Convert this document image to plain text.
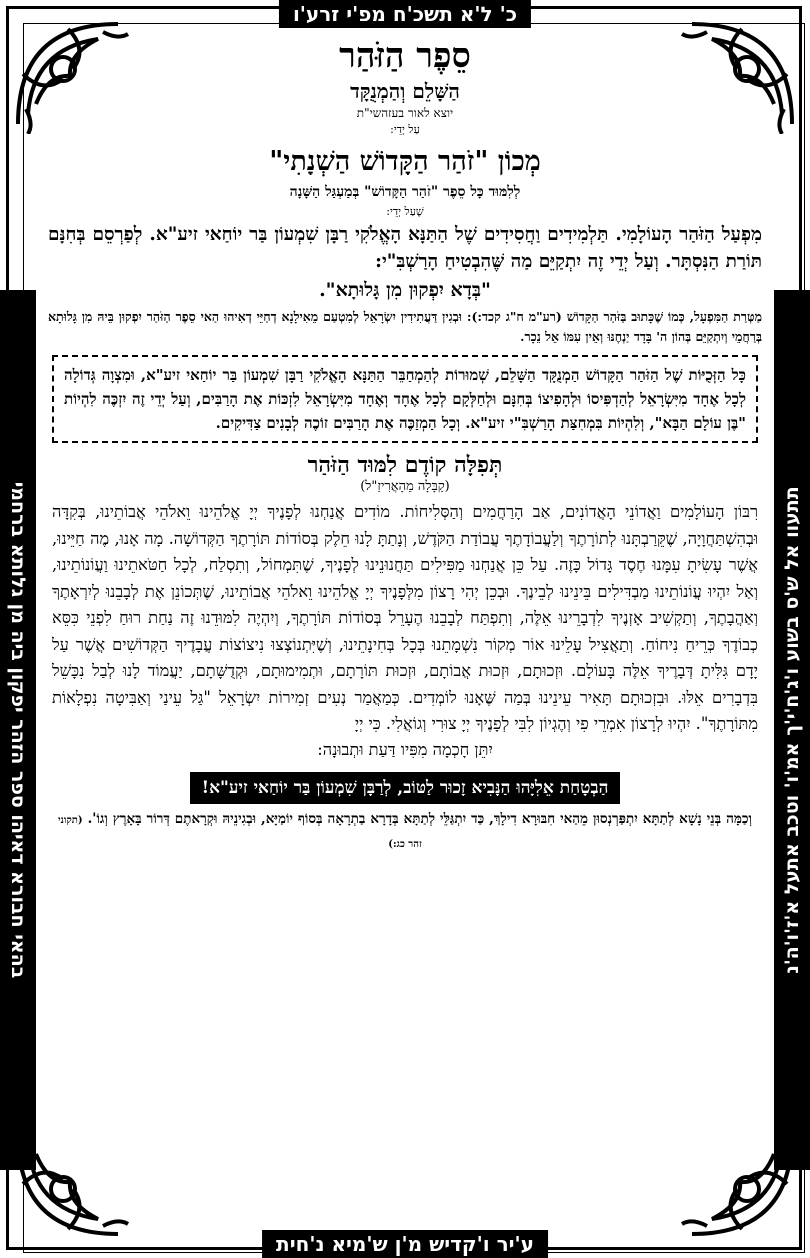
כ' ל'א תשכ'ח מפ'י זרע'ו
ע'יר ו'קדיש מ'ן ש'מיא נ'חית
בהאי חבורא דאיהו ספר הזהר יפקון ביה מן גלותא ברחמי	תתעוו אל ש'ס בשוע ו'ג'ח'י'ך אמ'ו' וטכב אתעל א'ז'ו'ה'נ
סֵפֶר הַזֹּהַר
הַשָּׁלֵם וְהַמְנֻקָּד
יוצא לאור בעזהשי"ת
עַל יְדֵי:
מְכוֹן "זֹהַר הַקָּדוֹשׁ הַשְׁנָתִי"
לְלִמּוּד כָּל סֵפֶר "זֹהַר הַקָּדוֹשׁ" בְּמַעְגַּל הַשָּׁנָה
שֶׁעַל יְדֵי:

מִפְעַל הַזֹּהַר הָעוֹלָמִי. תַּלְמִידִים וַחֲסִידִים שֶׁל הַתַּנָּא הָאֱלֹקִי רַבָּן שִׁמְעוֹן בַּר יוֹחַאי זיע"א. לְפַרְסֵם בְּחִנָּם תּוֹרַת הַנִּסְתָּר. וְעַל יְדֵי זֶה יִתְקַיֵּם מַה שֶּׁהִבְטִיחַ הָרַשְׁבִּ"י:

"בְּדָא יִפְקוּן מִן גָּלוּתָא".

מַטְּרַת הַמִּפְעָל, כְּמוֹ שֶׁכָּתוּב בַּזֹּהַר הַקָּדוֹשׁ (רע"מ ח"ג קכד:): וּבְגִין דַּעֲתִידִין יִשְׂרָאֵל לְמִטְעַם מֵאִילָנָא דְחַיֵּי דְאִיהוּ הַאי סֵפֶר הַזֹּהַר יִפְקוּן בֵּיהּ מִן גָּלוּתָא בְּרַחֲמֵי וְיִתְקַיֵּם בְּהוֹן ה' בָּדָד יַנְחֶנּוּ וְאֵין עִמּוֹ אֵל נֵכָר.

כָּל הַזְּכֻיּוֹת שֶׁל הַזֹּהַר הַקָּדוֹשׁ הַמְנֻקָּד הַשָּׁלֵם, שְׁמוּרוֹת לְהַמְחַבֵּר הַתַּנָּא הָאֱלֹקִי רַבָּן שִׁמְעוֹן בַּר יוֹחַאי זיע"א, וּמִצְוָה גְּדוֹלָה לְכָל אֶחָד מִיִּשְׂרָאֵל לְהַדְפִּיסוֹ וּלְהָפִיצוֹ בְּחִנָּם וּלְחַלְּקָם לְכָל אֶחָד וְאֶחָד מִיִּשְׂרָאֵל לִזְכּוֹת אֶת הָרַבִּים, וְעַל יְדֵי זֶה יִזְכֶּה לִהְיוֹת "בֶּן עוֹלָם הַבָּא", וְלִהְיוֹת בִּמְחִצַּת הָרַשְׁבִּ"י זיע"א. וְכָל הַמְזַכֶּה אֶת הָרַבִּים זוֹכֶה לְבָנִים צַדִּיקִים.
תְּפִלָּה קוֹדֶם לִמּוּד הַזֹּהַר
(קַבָּלָה מֵהָאֲרִיזַ"ל)

רִבּוֹן הָעוֹלָמִים וַאֲדוֹנֵי הָאֲדוֹנִים, אַב הָרַחֲמִים וְהַסְּלִיחוֹת. מוֹדִים אֲנַחְנוּ לְפָנֶיךָ יְיָ אֱלֹהֵינוּ וֵאלֹהֵי אֲבוֹתֵינוּ, בְּקִדָּה וּבְהִשְׁתַּחֲוָיָה, שֶׁקֵּרַבְתָּנוּ לְתוֹרָתֶךָ וְלַעֲבוֹדָתֶךָ עֲבוֹדַת הַקֹּדֶשׁ, וְנָתַתָּ לָנוּ חֵלֶק בְּסוֹדוֹת תּוֹרָתֶךָ הַקְּדוֹשָׁה. מָה אָנוּ, מֶה חַיֵּינוּ, אֲשֶׁר עָשִׂיתָ עִמָּנוּ חֶסֶד גָּדוֹל כָּזֶה. עַל כֵּן אֲנַחְנוּ מַפִּילִים תַּחֲנוּנֵינוּ לְפָנֶיךָ, שֶׁתִּמְחוֹל, וְתִסְלַח, לְכָל חַטֹּאתֵינוּ וַעֲוֹנוֹתֵינוּ, וְאַל יִהְיוּ עֲוֹנוֹתֵינוּ מַבְדִּילִים בֵּינֵינוּ לְבֵינֶךָ. וּבְכֵן יְהִי רָצוֹן מִלְּפָנֶיךָ יְיָ אֱלֹהֵינוּ וֵאלֹהֵי אֲבוֹתֵינוּ, שֶׁתְּכוֹנֵן אֶת לְבָבֵנוּ לְיִרְאָתֶךָ וְאַהֲבָתֶךָ, וְתַקְשִׁיב אָזְנֶיךָ לִדְבָרֵינוּ אֵלֶּה, וְתִפְתַּח לְבָבֵנוּ הֶעָרֵל בְּסוֹדוֹת תּוֹרָתֶךָ, וְיִהְיֶה לִמּוּדֵנוּ זֶה נַחַת רוּחַ לִפְנֵי כִּסֵּא כְבוֹדֶךָ כְּרֵיחַ נִיחוֹחַ. וְתַאֲצִיל עָלֵינוּ אוֹר מְקוֹר נִשְׁמָתֵנוּ בְּכָל בְּחִינָתֵינוּ, וְשֶׁיִּתְנוֹצְצוּ נִיצוֹצוֹת עֲבָדֶיךָ הַקְּדוֹשִׁים אֲשֶׁר עַל יָדָם גִּלִּיתָ דְּבָרֶיךָ אֵלֶּה בָּעוֹלָם. וּזְכוּתָם, וּזְכוּת אֲבוֹתָם, וּזְכוּת תּוֹרָתָם, וּתְמִימוּתָם, וּקְדֻשָּׁתָם, יַעֲמוֹד לָנוּ לְבַל נִכָּשֵׁל בִּדְבָרִים אֵלּוּ. וּבִזְכוּתָם תָּאִיר עֵינֵינוּ בְּמַה שֶּׁאָנוּ לוֹמְדִים. כְּמַאֲמַר נְעִים זְמִירוֹת יִשְׂרָאֵל "גַּל עֵינַי וְאַבִּיטָה נִפְלָאוֹת מִתּוֹרָתֶךָ". יִהְיוּ לְרָצוֹן אִמְרֵי פִי וְהֶגְיוֹן לִבִּי לְפָנֶיךָ יְיָ צוּרִי וְגוֹאֲלִי. כִּי יְיָ

יִתֵּן חָכְמָה מִפִּיו דַּעַת וּתְבוּנָה:

הַבְטָחַת אֵלִיָּהוּ הַנָּבִיא זָכוּר לַטּוֹב, לְרַבָּן שִׁמְעוֹן בַּר יוֹחַאי זיע"א!

וְכַמָּה בְּנֵי נָשָׁא לְתַתָּא יִתְפַּרְנְסוּן מֵהַאי חִבּוּרָא דִילָךְ, כַּד יִתְגַּלֵּי לְתַתָּא בְּדָרָא בַתְרָאָה בְּסוֹף יוֹמַיָּא, וּבְגִינֵיהּ וּקְרָאתֶם דְּרוֹר בָּאָרֶץ וְגוֹ'. (תקוני זהר כג:)
